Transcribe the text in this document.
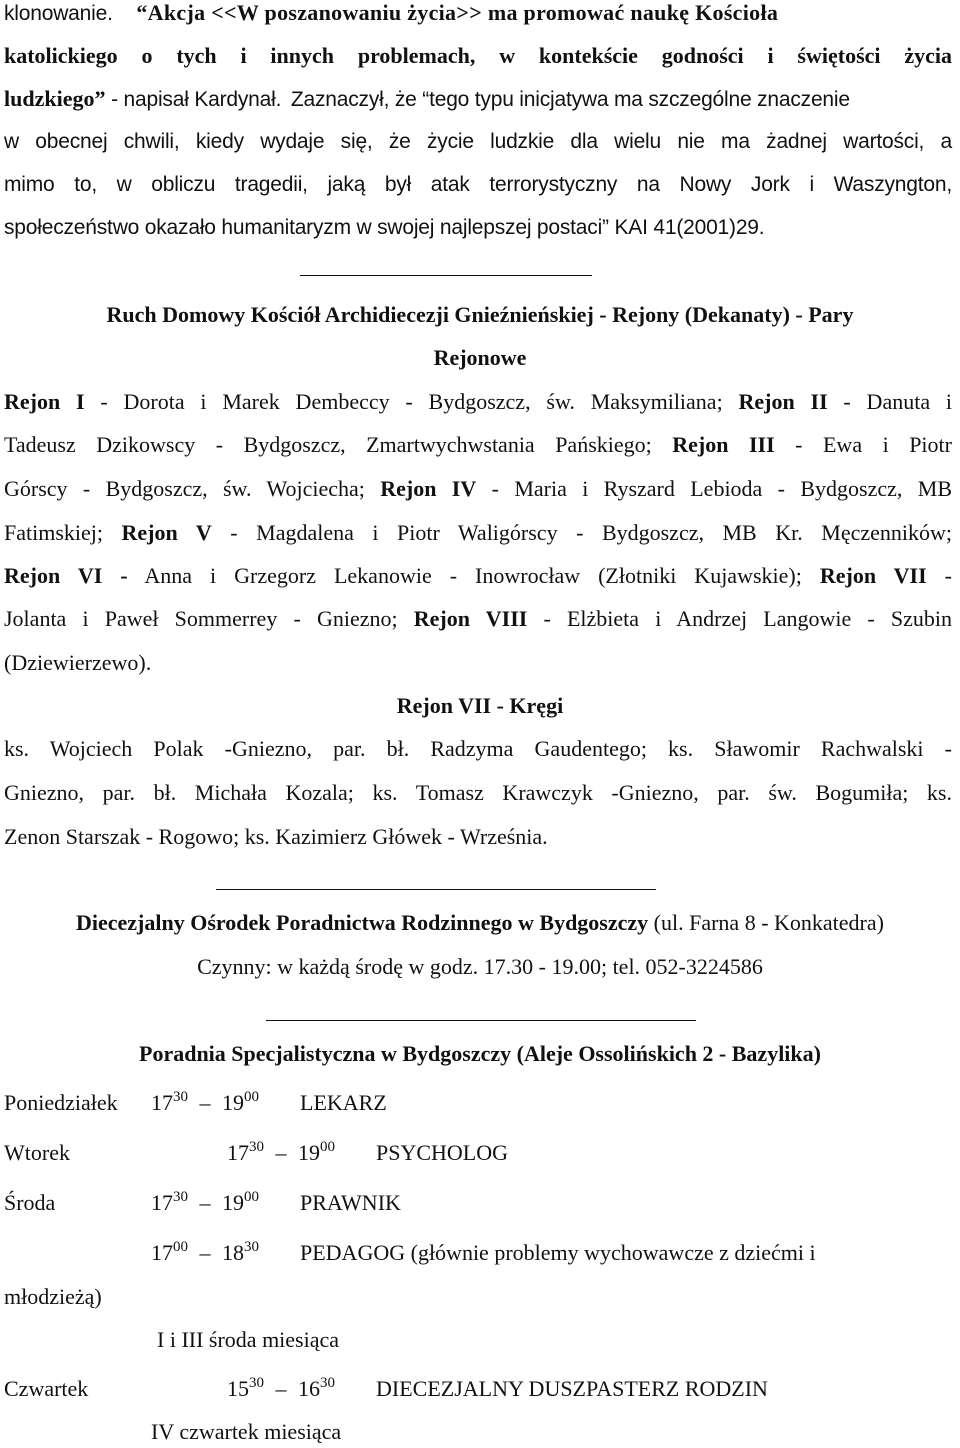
klonowanie. “Akcja <<W poszanowaniu życia>> ma promować naukę Kościoła
katolickiego o tych i innych problemach, w kontekście godności i świętości życia
ludzkiego” - napisał Kardynał. Zaznaczył, że “tego typu inicjatywa ma szczególne znaczenie
w obecnej chwili, kiedy wydaje się, że życie ludzkie dla wielu nie ma żadnej wartości, a
mimo to, w obliczu tragedii, jaką był atak terrorystyczny na Nowy Jork i Waszyngton,
społeczeństwo okazało humanitaryzm w swojej najlepszej postaci” KAI 41(2001)29.
Ruch Domowy Kościół Archidiecezji Gnieźnieńskiej - Rejony (Dekanaty) - Pary
Rejonowe
Rejon I - Dorota i Marek Dembeccy - Bydgoszcz, św. Maksymiliana; Rejon II - Danuta i
Tadeusz Dzikowscy - Bydgoszcz, Zmartwychwstania Pańskiego; Rejon III - Ewa i Piotr
Górscy - Bydgoszcz, św. Wojciecha; Rejon IV - Maria i Ryszard Lebioda - Bydgoszcz, MB
Fatimskiej; Rejon V - Magdalena i Piotr Waligórscy - Bydgoszcz, MB Kr. Męczenników;
Rejon VI - Anna i Grzegorz Lekanowie - Inowrocław (Złotniki Kujawskie); Rejon VII -
Jolanta i Paweł Sommerrey - Gniezno; Rejon VIII - Elżbieta i Andrzej Langowie - Szubin
(Dziewierzewo).
Rejon VII - Kręgi
ks. Wojciech Polak -Gniezno, par. bł. Radzyma Gaudentego; ks. Sławomir Rachwalski -
Gniezno, par. bł. Michała Kozala; ks. Tomasz Krawczyk -Gniezno, par. św. Bogumiła; ks.
Zenon Starszak - Rogowo; ks. Kazimierz Główek - Września.
Diecezjalny Ośrodek Poradnictwa Rodzinnego w Bydgoszczy (ul. Farna 8 - Konkatedra)
Czynny: w każdą środę w godz. 17.30 - 19.00; tel. 052-3224586
Poradnia Specjalistyczna w Bydgoszczy (Aleje Ossolińskich 2 - Bazylika)
Poniedziałek $17^{30} - 19^{00}$ LEKARZ
Wtorek	$17^{30} - 19^{00}$ PSYCHOLOG
Środa	$17^{30} - 19^{00}$ PRAWNIK
$17^{00} - 18^{30}$ PEDAGOG (głównie problemy wychowawcze z dziećmi i
młodzieżą)
I i III środa miesiąca
Czwartek	$15^{30} - 16^{30}$ DIECEZJALNY DUSZPASTERZ RODZIN
IV czwartek miesiąca
